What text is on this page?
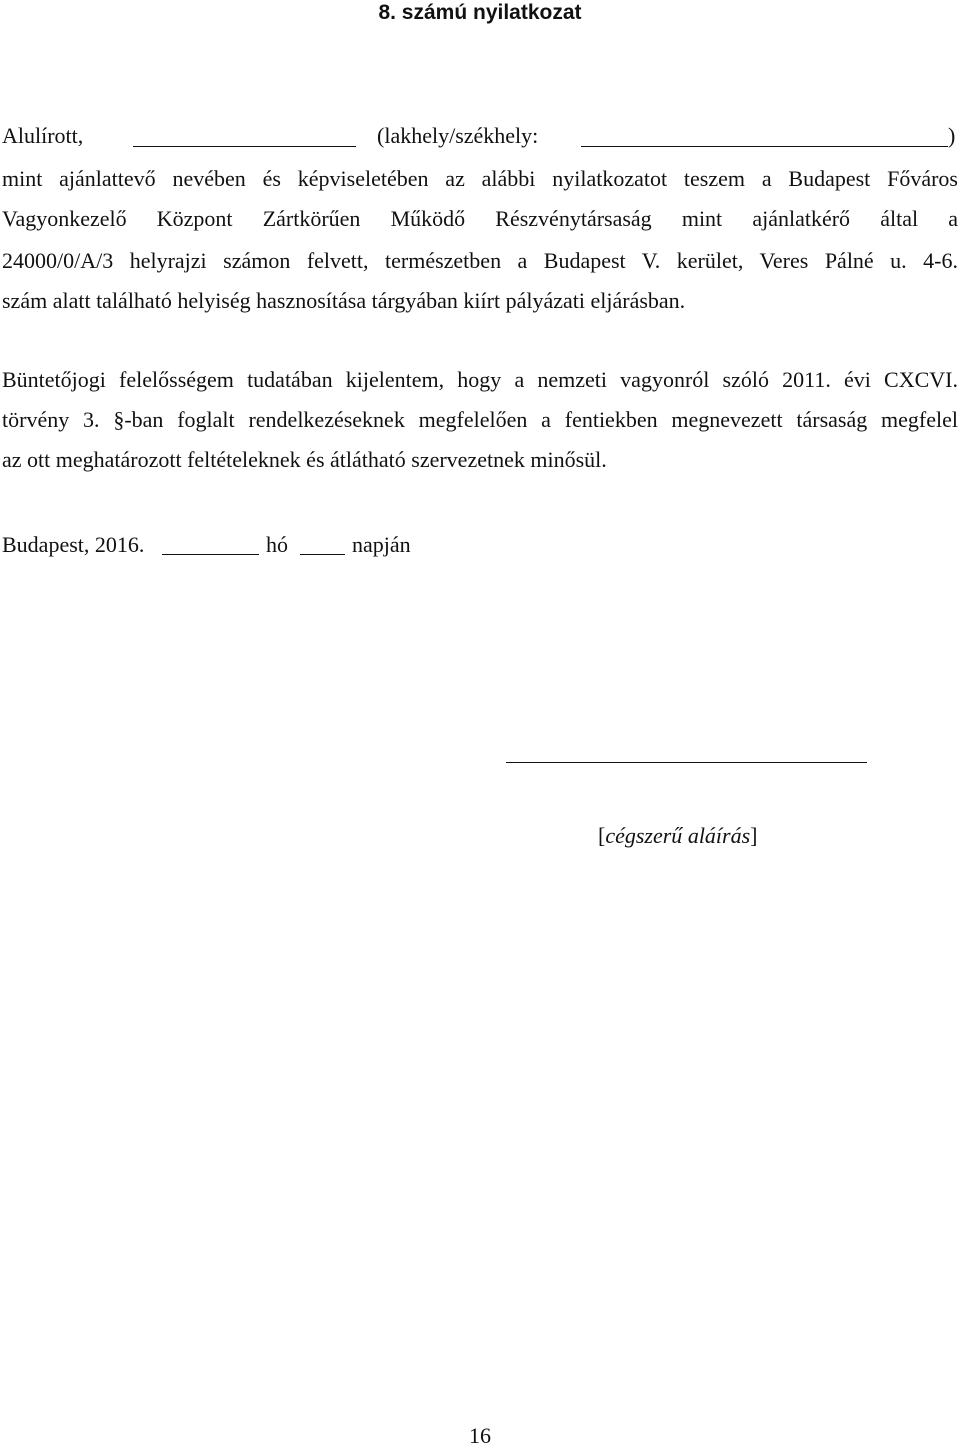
8. számú nyilatkozat
Alulírott,	(lakhely/székhely:	)
mint ajánlattevő nevében és képviseletében az alábbi nyilatkozatot teszem a Budapest Főváros
Vagyonkezelő Központ Zártkörűen Működő Részvénytársaság mint ajánlatkérő által a
24000/0/A/3 helyrajzi számon felvett, természetben a Budapest V. kerület, Veres Pálné u. 4-6.
szám alatt található helyiség hasznosítása tárgyában kiírt pályázati eljárásban.
Büntetőjogi felelősségem tudatában kijelentem, hogy a nemzeti vagyonról szóló 2011. évi CXCVI.
törvény 3. §-ban foglalt rendelkezéseknek megfelelően a fentiekben megnevezett társaság megfelel
az ott meghatározott feltételeknek és átlátható szervezetnek minősül.
Budapest, 2016.	hó	napján
[cégszerű aláírás]
16
